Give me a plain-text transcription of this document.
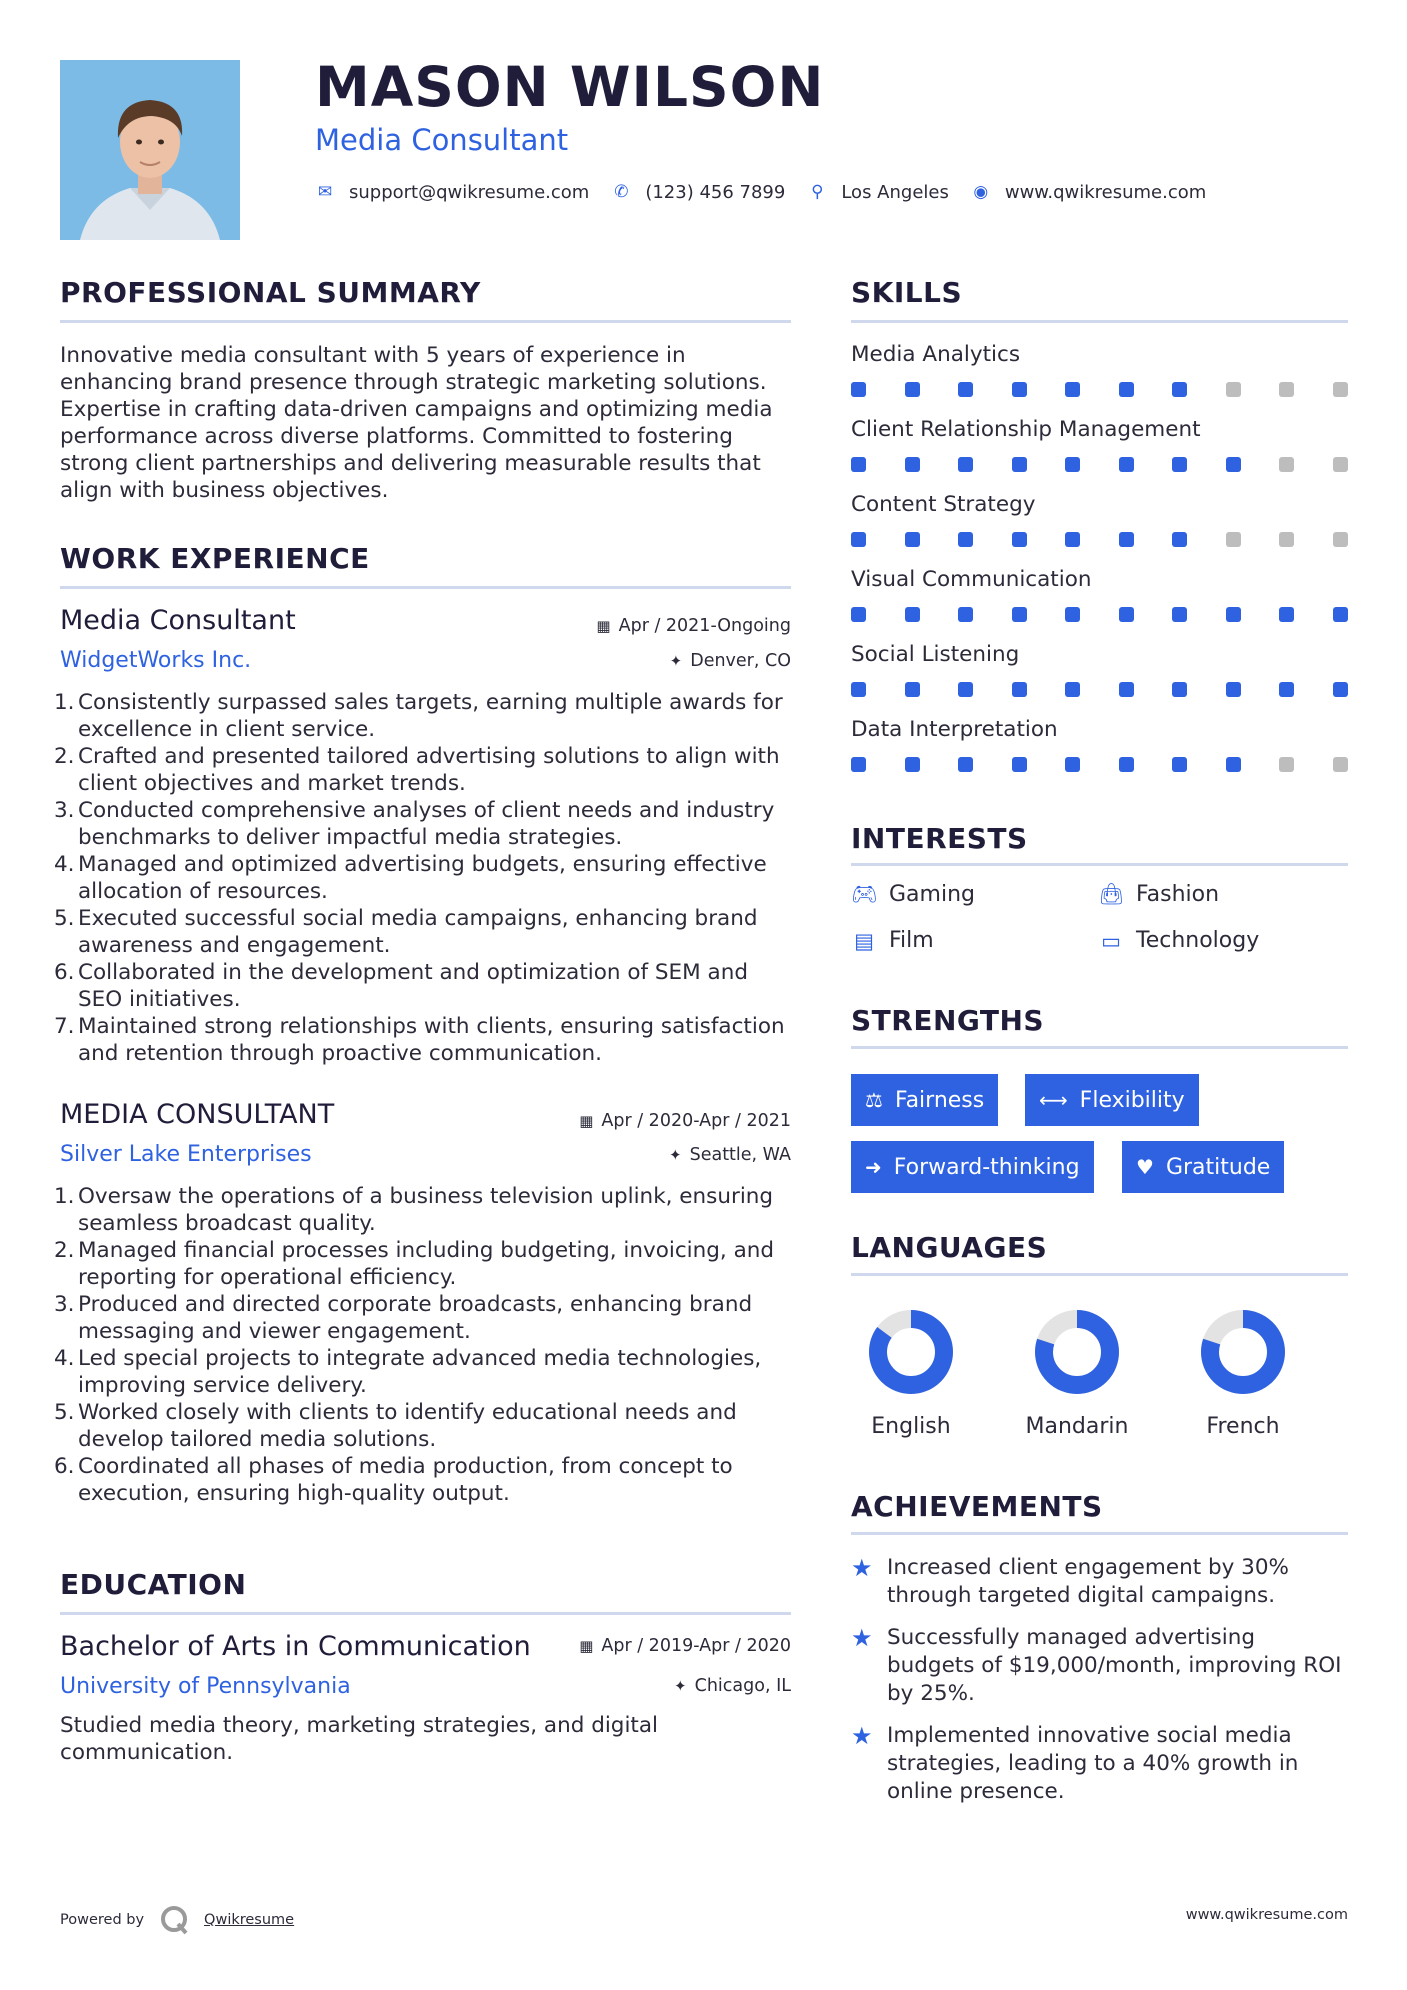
MASON WILSON
Media Consultant
✉ support@qwikresume.com ✆ (123) 456 7899 ⚲ Los Angeles ◉ www.qwikresume.com
PROFESSIONAL SUMMARY
Innovative media consultant with 5 years of experience in enhancing brand presence through strategic marketing solutions. Expertise in crafting data-driven campaigns and optimizing media performance across diverse platforms. Committed to fostering strong client partnerships and delivering measurable results that align with business objectives.
WORK EXPERIENCE
Media Consultant	▦ Apr / 2021-Ongoing
WidgetWorks Inc.	✦ Denver, CO
1. Consistently surpassed sales targets, earning multiple awards for excellence in client service.
2. Crafted and presented tailored advertising solutions to align with client objectives and market trends.
3. Conducted comprehensive analyses of client needs and industry benchmarks to deliver impactful media strategies.
4. Managed and optimized advertising budgets, ensuring effective allocation of resources.
5. Executed successful social media campaigns, enhancing brand awareness and engagement.
6. Collaborated in the development and optimization of SEM and SEO initiatives.
7. Maintained strong relationships with clients, ensuring satisfaction and retention through proactive communication.
MEDIA CONSULTANT	▦ Apr / 2020-Apr / 2021
Silver Lake Enterprises	✦ Seattle, WA
1. Oversaw the operations of a business television uplink, ensuring seamless broadcast quality.
2. Managed financial processes including budgeting, invoicing, and reporting for operational efficiency.
3. Produced and directed corporate broadcasts, enhancing brand messaging and viewer engagement.
4. Led special projects to integrate advanced media technologies, improving service delivery.
5. Worked closely with clients to identify educational needs and develop tailored media solutions.
6. Coordinated all phases of media production, from concept to execution, ensuring high-quality output.
EDUCATION
Bachelor of Arts in Communication	▦ Apr / 2019-Apr / 2020
University of Pennsylvania	✦ Chicago, IL
Studied media theory, marketing strategies, and digital communication.
SKILLS
Media Analytics
Client Relationship Management
Content Strategy
Visual Communication
Social Listening
Data Interpretation
INTERESTS
🎮︎ Gaming	👜︎ Fashion
▤ Film	▭ Technology
STRENGTHS
⚖ Fairness	⟷ Flexibility
➜ Forward-thinking	♥ Gratitude
LANGUAGES
English	Mandarin	French
ACHIEVEMENTS
★ Increased client engagement by 30% through targeted digital campaigns.
★ Successfully managed advertising budgets of $19,000/month, improving ROI by 25%.
★ Implemented innovative social media strategies, leading to a 40% growth in online presence.
Powered by	Qwikresume	www.qwikresume.com
